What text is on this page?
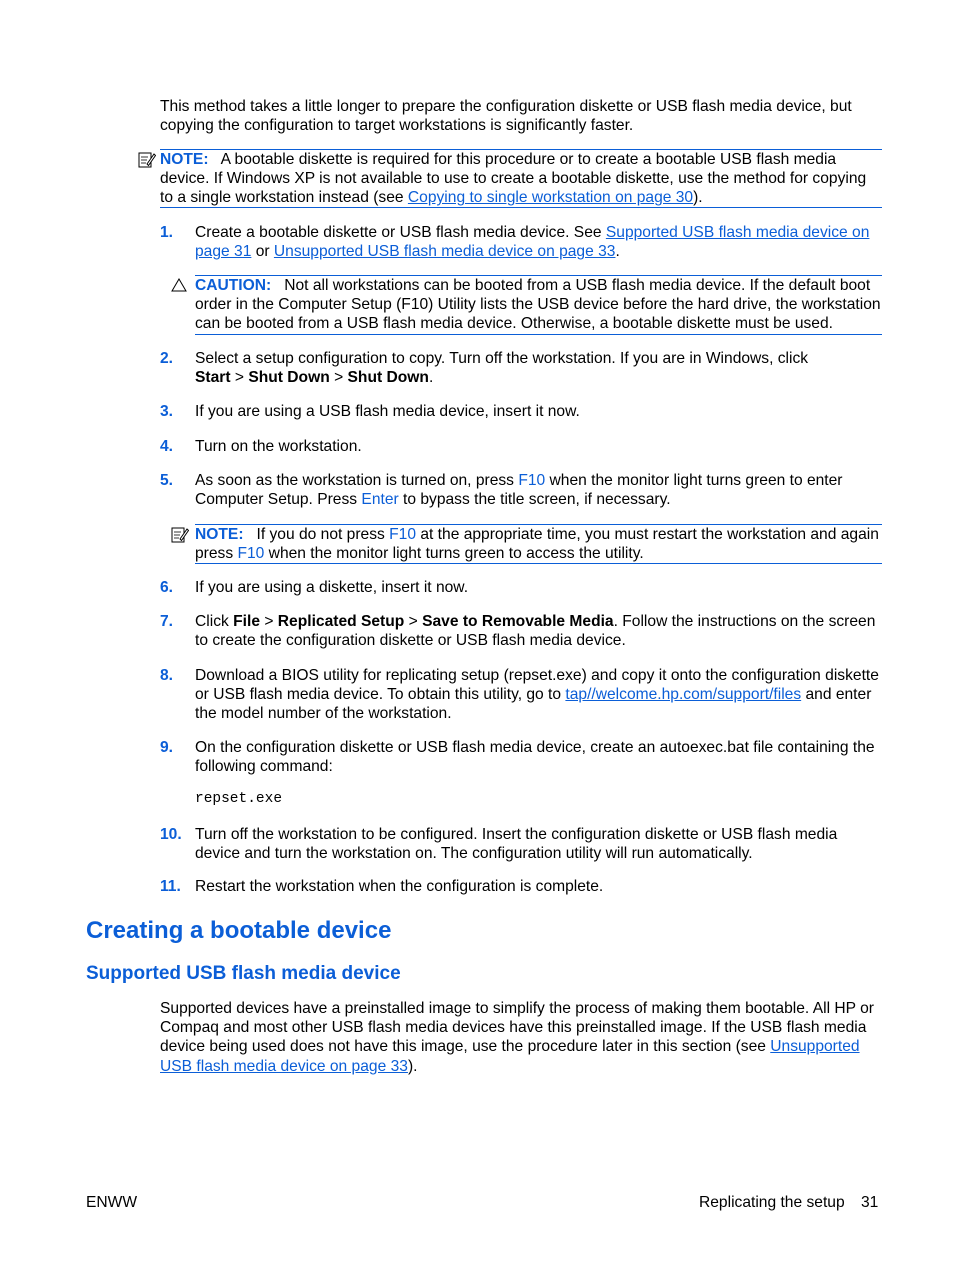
This method takes a little longer to prepare the configuration diskette or USB flash media device, but copying the configuration to target workstations is significantly faster.

NOTE: A bootable diskette is required for this procedure or to create a bootable USB flash media device. If Windows XP is not available to use to create a bootable diskette, use the method for copying to a single workstation instead (see Copying to single workstation on page 30).

1. Create a bootable diskette or USB flash media device. See Supported USB flash media device on page 31 or Unsupported USB flash media device on page 33.

CAUTION: Not all workstations can be booted from a USB flash media device. If the default boot order in the Computer Setup (F10) Utility lists the USB device before the hard drive, the workstation can be booted from a USB flash media device. Otherwise, a bootable diskette must be used.

2. Select a setup configuration to copy. Turn off the workstation. If you are in Windows, click
Start > Shut Down > Shut Down.

3. If you are using a USB flash media device, insert it now.

4. Turn on the workstation.

5. As soon as the workstation is turned on, press F10 when the monitor light turns green to enter Computer Setup. Press Enter to bypass the title screen, if necessary.

NOTE: If you do not press F10 at the appropriate time, you must restart the workstation and again press F10 when the monitor light turns green to access the utility.

6. If you are using a diskette, insert it now.

7. Click File > Replicated Setup > Save to Removable Media. Follow the instructions on the screen to create the configuration diskette or USB flash media device.

8. Download a BIOS utility for replicating setup (repset.exe) and copy it onto the configuration diskette or USB flash media device. To obtain this utility, go to tap//welcome.hp.com/support/files and enter the model number of the workstation.

9. On the configuration diskette or USB flash media device, create an autoexec.bat file containing the following command:

repset.exe

10. Turn off the workstation to be configured. Insert the configuration diskette or USB flash media device and turn the workstation on. The configuration utility will run automatically.

11. Restart the workstation when the configuration is complete.

Creating a bootable device
Supported USB flash media device

Supported devices have a preinstalled image to simplify the process of making them bootable. All HP or Compaq and most other USB flash media devices have this preinstalled image. If the USB flash media device being used does not have this image, use the procedure later in this section (see Unsupported USB flash media device on page 33).

ENWW	Replicating the setup 31
